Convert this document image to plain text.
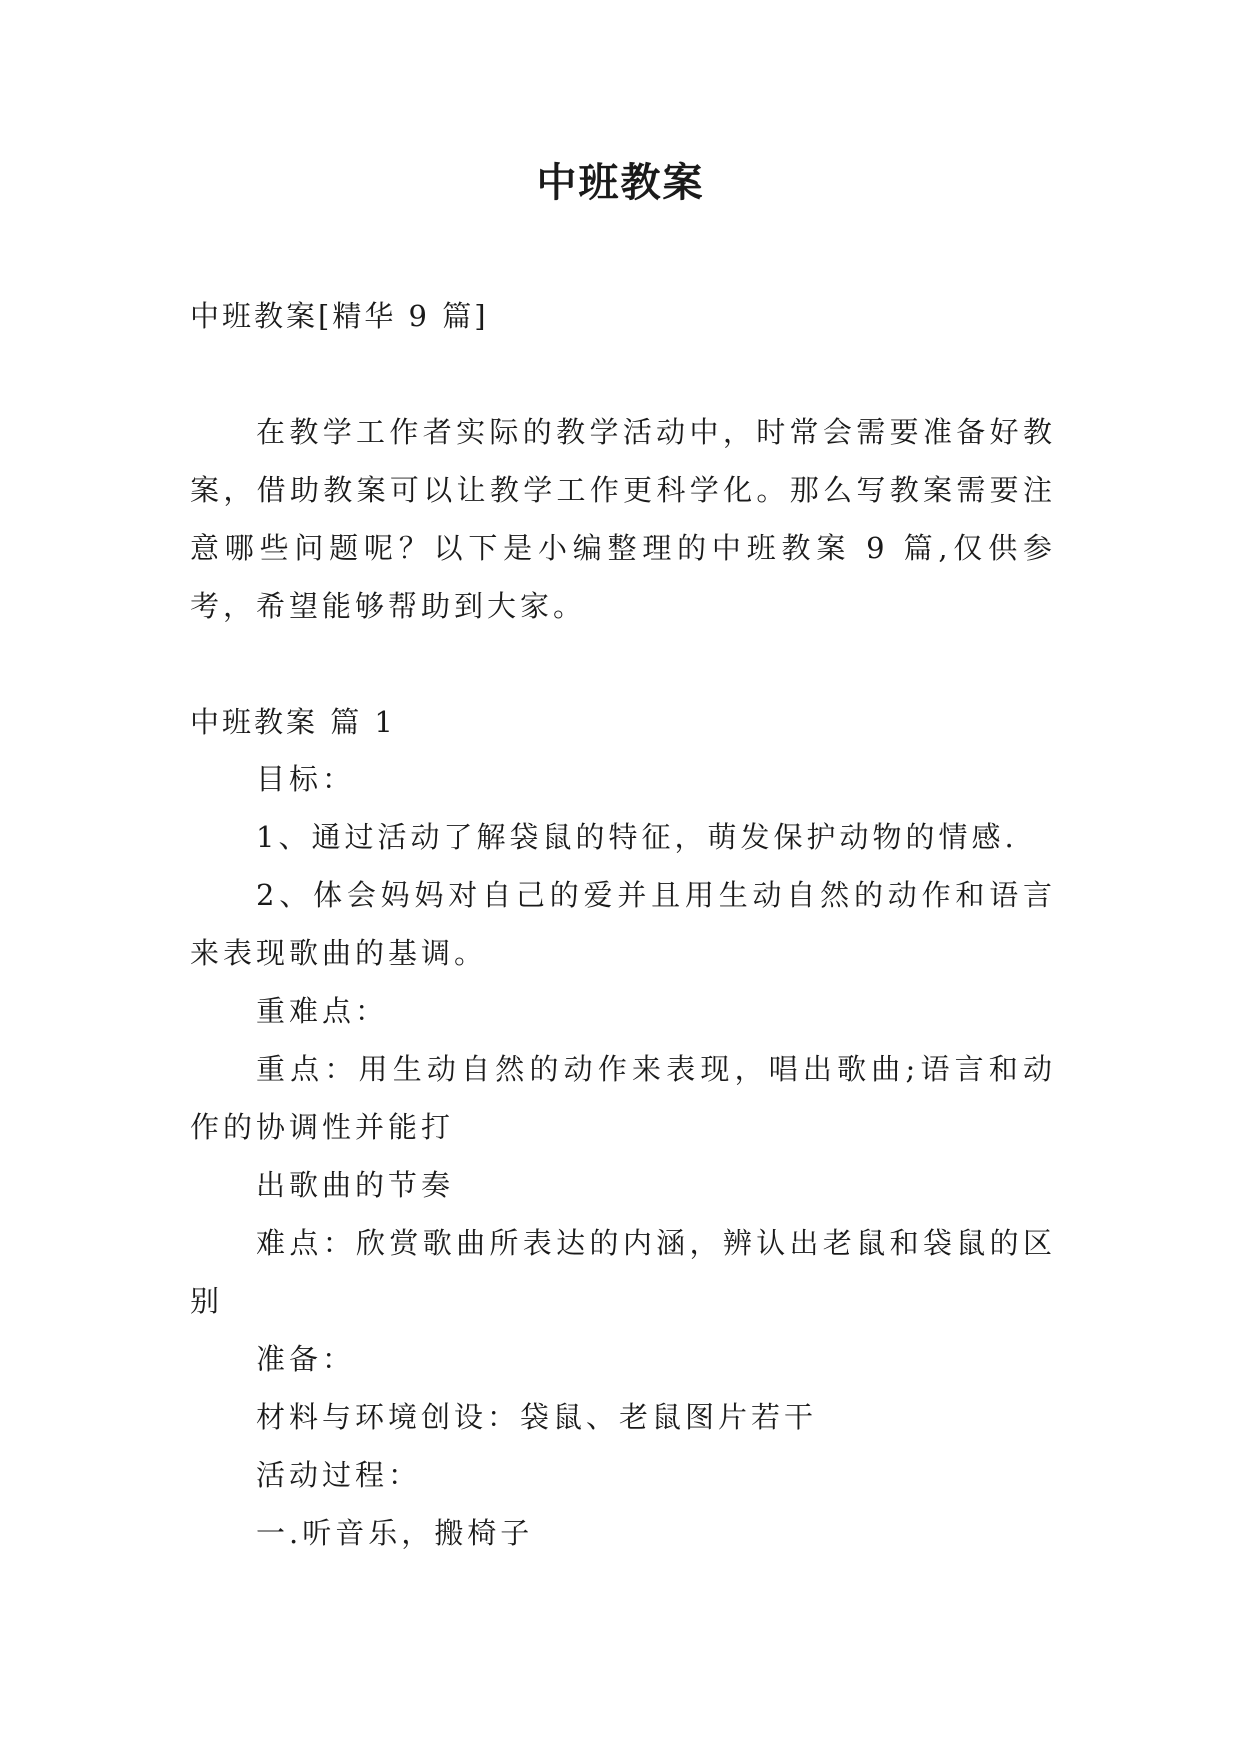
中班教案
中班教案[精华 9 篇]

在教学工作者实际的教学活动中，时常会需要准备好教案，借助教案可以让教学工作更科学化。那么写教案需要注意哪些问题呢？以下是小编整理的中班教案 9 篇,仅供参考，希望能够帮助到大家。

中班教案 篇 1

目标：

1、通过活动了解袋鼠的特征，萌发保护动物的情感.

2、体会妈妈对自己的爱并且用生动自然的动作和语言来表现歌曲的基调。

重难点：

重点：用生动自然的动作来表现，唱出歌曲;语言和动作的协调性并能打

出歌曲的节奏

难点：欣赏歌曲所表达的内涵，辨认出老鼠和袋鼠的区别

准备：

材料与环境创设：袋鼠、老鼠图片若干

活动过程：

一.听音乐，搬椅子
